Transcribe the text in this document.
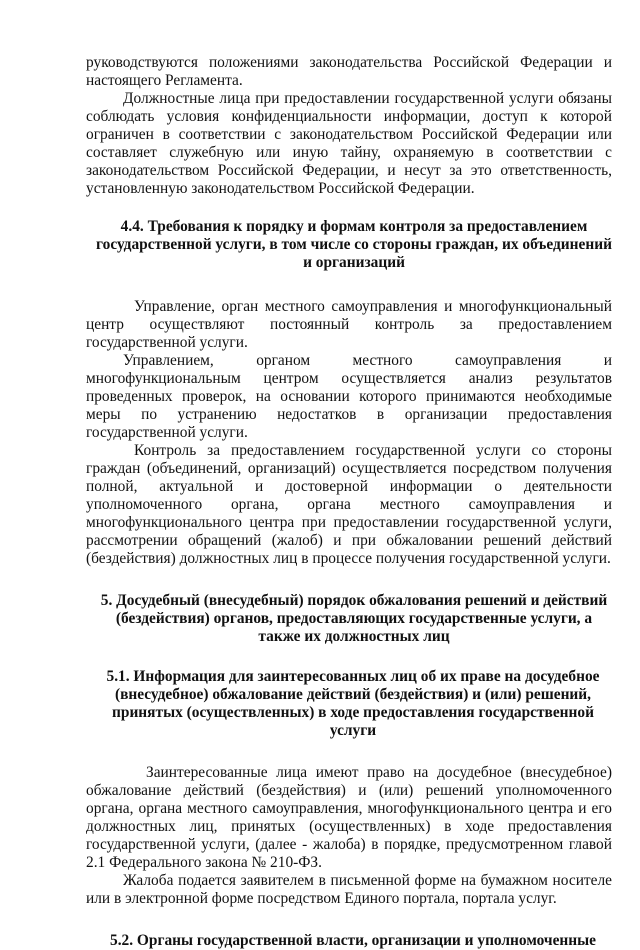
руководствуются положениями законодательства Российской Федерации и настоящего Регламента.

Должностные лица при предоставлении государственной услуги обязаны соблюдать условия конфиденциальности информации, доступ к которой ограничен в соответствии с законодательством Российской Федерации или составляет служебную или иную тайну, охраняемую в соответствии с законодательством Российской Федерации, и несут за это ответственность, установленную законодательством Российской Федерации.

4.4. Требования к порядку и формам контроля за предоставлением государственной услуги, в том числе со стороны граждан, их объединений и организаций

Управление, орган местного самоуправления и многофункциональный центр осуществляют постоянный контроль за предоставлением государственной услуги.

Управлением, органом местного самоуправления и многофункциональным центром осуществляется анализ результатов проведенных проверок, на основании которого принимаются необходимые меры по устранению недостатков в организации предоставления государственной услуги.

Контроль за предоставлением государственной услуги со стороны граждан (объединений, организаций) осуществляется посредством получения полной, актуальной и достоверной информации о деятельности уполномоченного органа, органа местного самоуправления и многофункционального центра при предоставлении государственной услуги, рассмотрении обращений (жалоб) и при обжаловании решений действий (бездействия) должностных лиц в процессе получения государственной услуги.

5. Досудебный (внесудебный) порядок обжалования решений и действий (бездействия) органов, предоставляющих государственные услуги, а также их должностных лиц
5.1. Информация для заинтересованных лиц об их праве на досудебное (внесудебное) обжалование действий (бездействия) и (или) решений, принятых (осуществленных) в ходе предоставления государственной услуги

Заинтересованные лица имеют право на досудебное (внесудебное) обжалование действий (бездействия) и (или) решений уполномоченного органа, органа местного самоуправления, многофункционального центра и его должностных лиц, принятых (осуществленных) в ходе предоставления государственной услуги, (далее - жалоба) в порядке, предусмотренном главой 2.1 Федерального закона № 210-ФЗ.

Жалоба подается заявителем в письменной форме на бумажном носителе или в электронной форме посредством Единого портала, портала услуг.

5.2. Органы государственной власти, организации и уполномоченные
